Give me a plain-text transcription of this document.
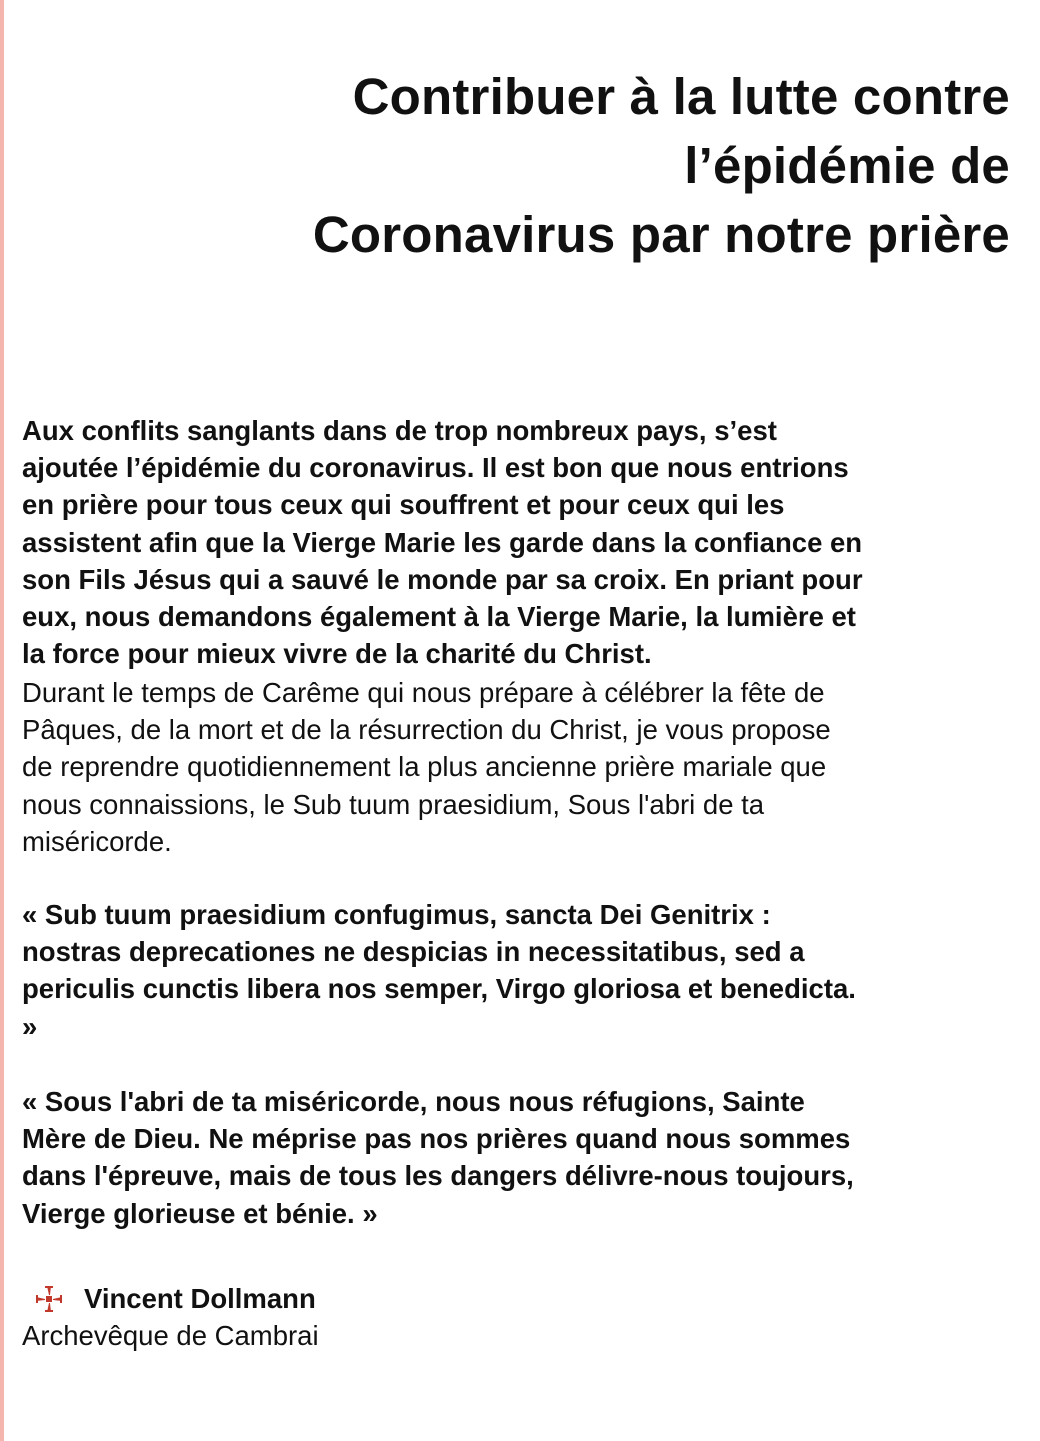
Contribuer à la lutte contre
l’épidémie de
Coronavirus par notre prière
Aux conflits sanglants dans de trop nombreux pays, s’est
ajoutée l’épidémie du coronavirus. Il est bon que nous entrions
en prière pour tous ceux qui souffrent et pour ceux qui les
assistent afin que la Vierge Marie les garde dans la confiance en
son Fils Jésus qui a sauvé le monde par sa croix. En priant pour
eux, nous demandons également à la Vierge Marie, la lumière et
la force pour mieux vivre de la charité du Christ.
Durant le temps de Carême qui nous prépare à célébrer la fête de
Pâques, de la mort et de la résurrection du Christ, je vous propose
de reprendre quotidiennement la plus ancienne prière mariale que
nous connaissions, le Sub tuum praesidium, Sous l'abri de ta
miséricorde.
« Sub tuum praesidium confugimus, sancta Dei Genitrix :
nostras deprecationes ne despicias in necessitatibus, sed a
periculis cunctis libera nos semper, Virgo gloriosa et benedicta.
»
« Sous l'abri de ta miséricorde, nous nous réfugions, Sainte
Mère de Dieu. Ne méprise pas nos prières quand nous sommes
dans l'épreuve, mais de tous les dangers délivre-nous toujours,
Vierge glorieuse et bénie. »
Vincent Dollmann
Archevêque de Cambrai
